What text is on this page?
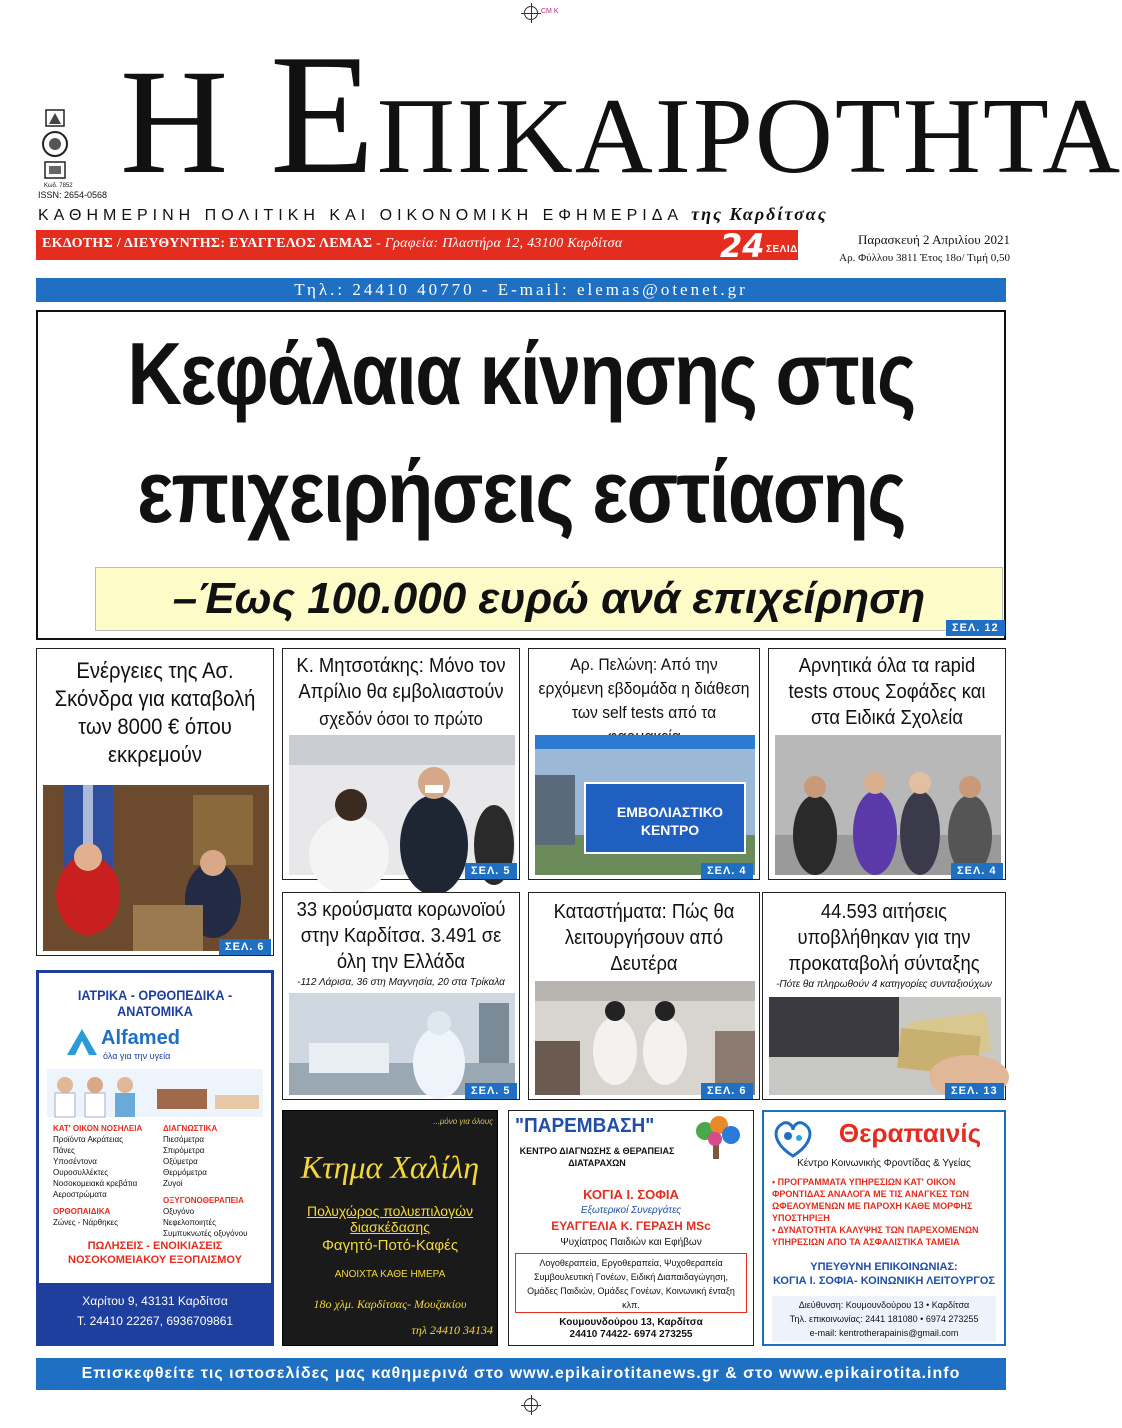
CM K
Κωδ. 7852
ISSN: 2654-0568 Η ΕΠΙΚΑΙΡΟΤΗΤΑ
ΚΑΘΗΜΕΡΙΝΗ ΠΟΛΙΤΙΚΗ ΚΑΙ ΟΙΚΟΝΟΜΙΚΗ ΕΦΗΜΕΡΙΔΑ της Καρδίτσας
ΕΚΔΟΤΗΣ / ΔΙΕΥΘΥΝΤΗΣ: ΕΥΑΓΓΕΛΟΣ ΛΕΜΑΣ - Γραφεία: Πλαστήρα 12, 43100 Καρδίτσα	24 ΣΕΛΙΔΕΣ
Παρασκευή 2 Απριλίου 2021
Αρ. Φύλλου 3811 Έτος 18ο/ Τιμή 0,50
Τηλ.: 24410 40770 - E-mail: elemas@otenet.gr
Κεφάλαια κίνησης στις
επιχειρήσεις εστίασης
–Έως 100.000 ευρώ ανά επιχείρηση
ΣΕΛ. 12
Ενέργειες της Ασ. Σκόνδρα για καταβολή των 8000 € όπου εκκρεμούν
ΣΕΛ. 6
Κ. Μητσοτάκης: Μόνο τον Απρίλιο θα εμβολιαστούν
σχεδόν όσοι το πρώτο
ΣΕΛ. 5
Αρ. Πελώνη: Από την ερχόμενη εβδομάδα η διάθεση των self tests από τα
ΕΜΒΟΛΙΑΣΤΙΚΟ ΚΕΝΤΡΟ
ΣΕΛ. 4
Αρνητικά όλα τα rapid tests στους Σοφάδες και στα Ειδικά Σχολεία
ΣΕΛ. 4
33 κρούσματα κορωνοϊού στην Καρδίτσα. 3.491 σε όλη την Ελλάδα
-112 Λάρισα, 36 στη Μαγνησία, 20 στα Τρίκαλα
ΣΕΛ. 5
Καταστήματα: Πώς θα λειτουργήσουν από Δευτέρα
ΣΕΛ. 6
44.593 αιτήσεις υποβλήθηκαν για την προκαταβολή σύνταξης
-Πότε θα πληρωθούν 4 κατηγορίες συνταξιούχων
ΣΕΛ. 13
ΙΑΤΡΙΚΑ - ΟΡΘΟΠΕΔΙΚΑ - ΑΝΑΤΟΜΙΚΑ
Alfamed
όλα για την υγεία
ΚΑΤ' ΟΙΚΟΝ ΝΟΣΗΛΕΙΑ
Προϊόντα Ακράτειας
Πάνες
Υποσέντονα
Ουροσυλλέκτες
Νοσοκομειακά κρεβάτια
Αεροστρώματα
ΟΡΘΟΠΑΙΔΙΚΑ
Ζώνες - Νάρθηκες
ΔΙΑΓΝΩΣΤΙΚΑ
Πιεσόμετρα
Σπιρόμετρα
Οξύμετρα
Θερμόμετρα
Ζυγοί
ΟΞΥΓΟΝΟΘΕΡΑΠΕΙΑ
Οξυγόνο
Νεφελοποιητές
Συμπυκνωτές οξυγόνου
ΠΩΛΗΣΕΙΣ - ΕΝΟΙΚΙΑΣΕΙΣ ΝΟΣΟΚΟΜΕΙΑΚΟΥ ΕΞΟΠΛΙΣΜΟΥ
Χαρίτου 9, 43131 Καρδίτσα
Τ. 24410 22267, 6936709861
...μόνο για όλους
Κτημα Χαλίλη
Πολυχώρος πολυεπιλογών διασκέδασης
Φαγητό-Ποτό-Καφές
ΑΝΟΙΧΤΑ ΚΑΘΕ ΗΜΕΡΑ
18ο χλμ. Καρδίτσας- Μουζακίου
τηλ 24410 34134
"ΠΑΡΕΜΒΑΣΗ"
ΚΕΝΤΡΟ ΔΙΑΓΝΩΣΗΣ & ΘΕΡΑΠΕΙΑΣ ΔΙΑΤΑΡΑΧΩΝ
ΚΟΓΙΑ Ι. ΣΟΦΙΑ
Εξωτερικοί Συνεργάτες
ΕΥΑΓΓΕΛΙΑ Κ. ΓΕΡΑΣΗ MSc
Ψυχίατρος Παιδιών και Εφήβων
Λογοθεραπεία, Εργοθεραπεία, Ψυχοθεραπεία Συμβουλευτική Γονέων, Ειδική Διαπαιδαγώγηση, Ομάδες Παιδιών, Ομάδες Γονέων, Κοινωνική ένταξη κλπ.
Κουμουνδούρου 13, Καρδίτσα
24410 74422- 6974 273255
Θεραπαινίς
Κέντρο Κοινωνικής Φροντίδας & Υγείας
• ΠΡΟΓΡΑΜΜΑΤΑ ΥΠΗΡΕΣΙΩΝ ΚΑΤ' ΟΙΚΟΝ ΦΡΟΝΤΙΔΑΣ ΑΝΑΛΟΓΑ ΜΕ ΤΙΣ ΑΝΑΓΚΕΣ ΤΩΝ ΩΦΕΛΟΥΜΕΝΩΝ ΜΕ ΠΑΡΟΧΗ ΚΑΘΕ ΜΟΡΦΗΣ ΥΠΟΣΤΗΡΙΞΗ
• ΔΥΝΑΤΟΤΗΤΑ ΚΑΛΥΨΗΣ ΤΩΝ ΠΑΡΕΧΟΜΕΝΩΝ ΥΠΗΡΕΣΙΩΝ ΑΠΟ ΤΑ ΑΣΦΑΛΙΣΤΙΚΑ ΤΑΜΕΙΑ
ΥΠΕΥΘΥΝΗ ΕΠΙΚΟΙΝΩΝΙΑΣ:
ΚΟΓΙΑ Ι. ΣΟΦΙΑ- ΚΟΙΝΩΝΙΚΗ ΛΕΙΤΟΥΡΓΟΣ
Διεύθυνση: Κουμουνδούρου 13 • Καρδίτσα
Τηλ. επικοινωνίας: 2441 181080 • 6974 273255
e-mail: kentrotherapainis@gmail.com
Επισκεφθείτε τις ιστοσελίδες μας καθημερινά στο www.epikairotitanews.gr & στο www.epikairotita.info
